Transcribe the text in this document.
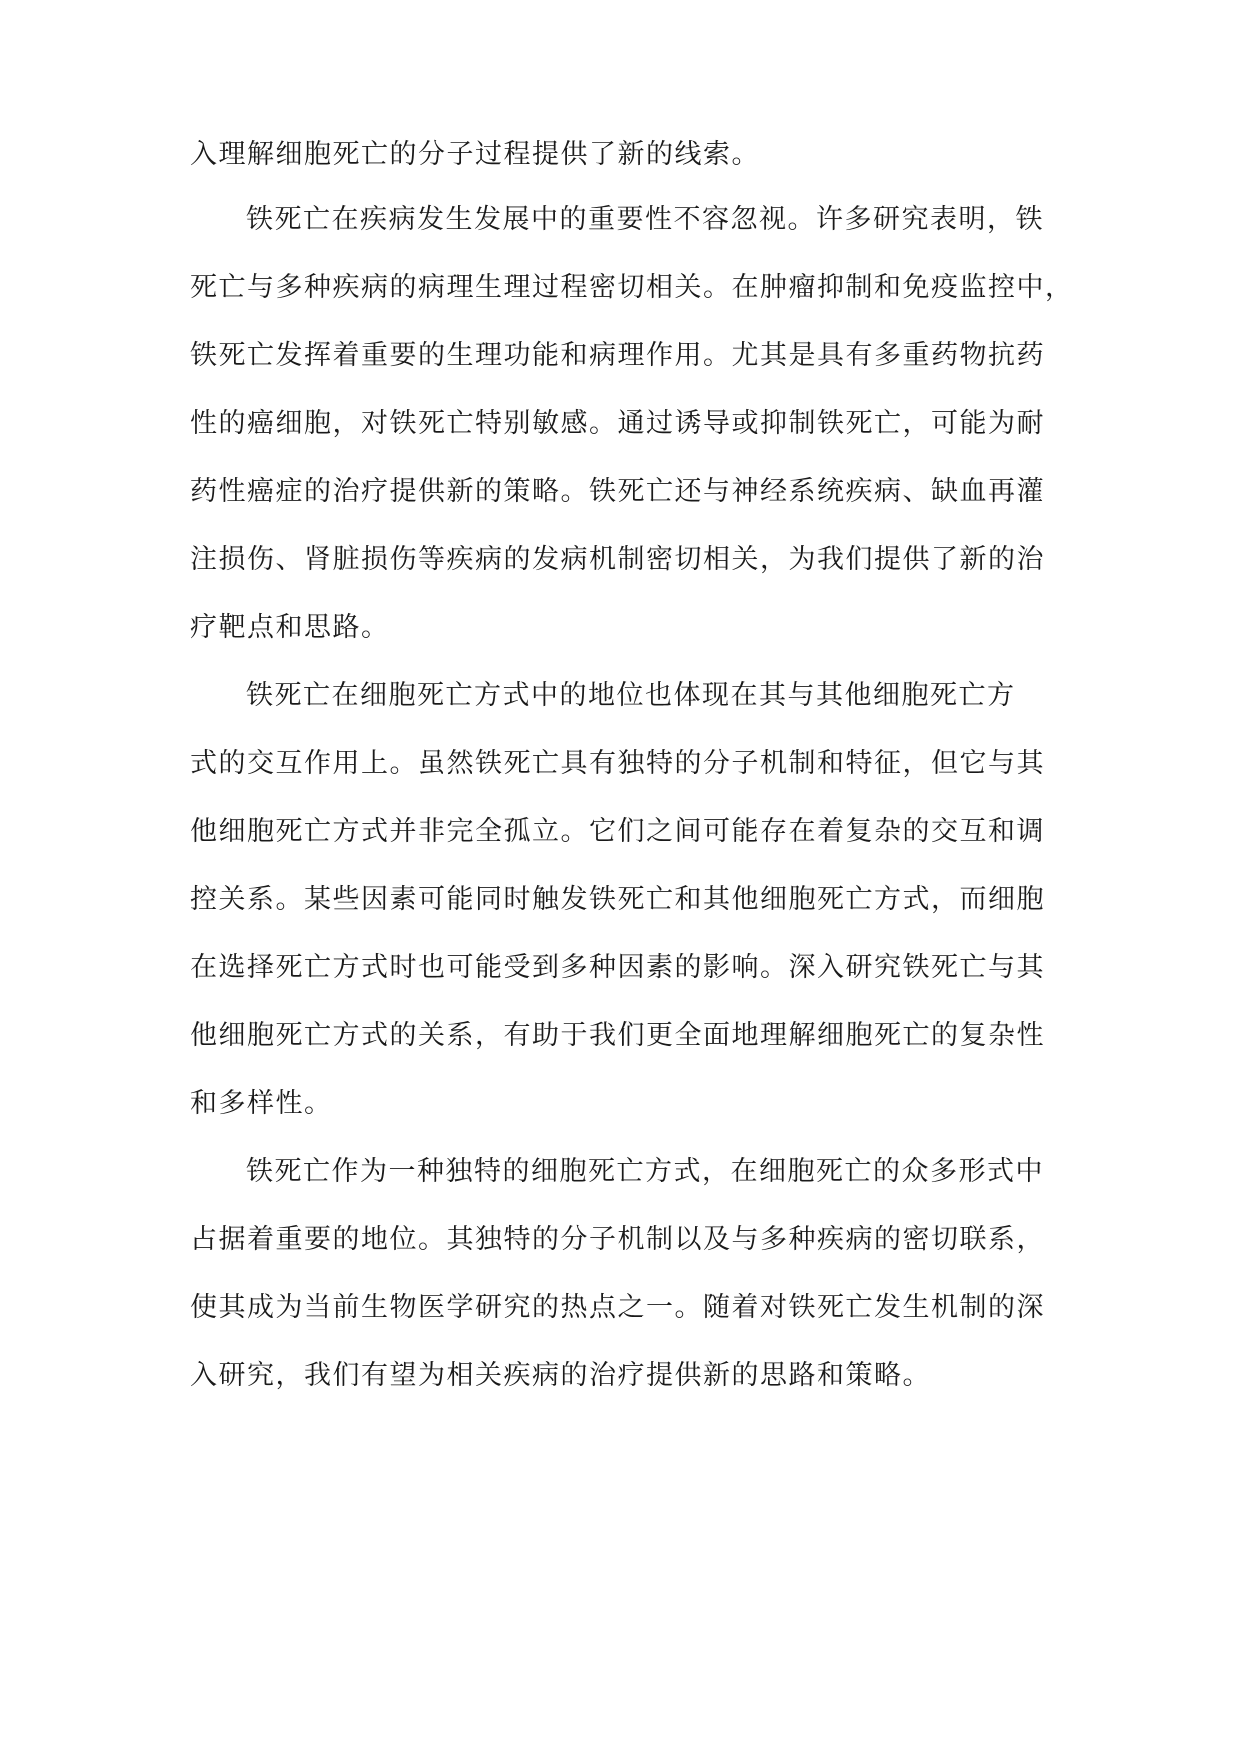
入理解细胞死亡的分子过程提供了新的线索。
铁死亡在疾病发生发展中的重要性不容忽视。许多研究表明，铁
死亡与多种疾病的病理生理过程密切相关。在肿瘤抑制和免疫监控中，
铁死亡发挥着重要的生理功能和病理作用。尤其是具有多重药物抗药
性的癌细胞，对铁死亡特别敏感。通过诱导或抑制铁死亡，可能为耐
药性癌症的治疗提供新的策略。铁死亡还与神经系统疾病、缺血再灌
注损伤、肾脏损伤等疾病的发病机制密切相关，为我们提供了新的治
疗靶点和思路。
铁死亡在细胞死亡方式中的地位也体现在其与其他细胞死亡方
式的交互作用上。虽然铁死亡具有独特的分子机制和特征，但它与其
他细胞死亡方式并非完全孤立。它们之间可能存在着复杂的交互和调
控关系。某些因素可能同时触发铁死亡和其他细胞死亡方式，而细胞
在选择死亡方式时也可能受到多种因素的影响。深入研究铁死亡与其
他细胞死亡方式的关系，有助于我们更全面地理解细胞死亡的复杂性
和多样性。
铁死亡作为一种独特的细胞死亡方式，在细胞死亡的众多形式中
占据着重要的地位。其独特的分子机制以及与多种疾病的密切联系，
使其成为当前生物医学研究的热点之一。随着对铁死亡发生机制的深
入研究，我们有望为相关疾病的治疗提供新的思路和策略。
